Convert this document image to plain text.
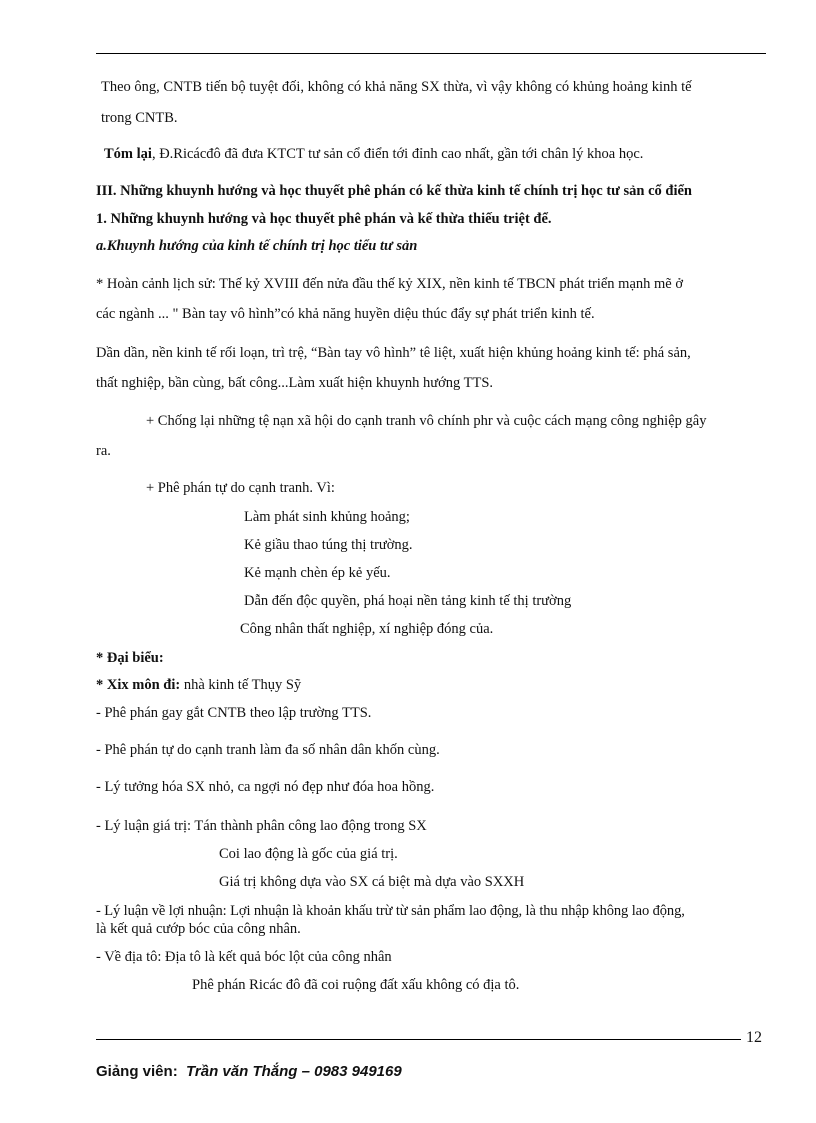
Theo ông, CNTB tiến bộ tuyệt đối, không có khả năng SX thừa, vì vậy không có khủng hoảng kinh tế
trong CNTB.
Tóm lại, Đ.Ricácđô đã đưa KTCT tư sản cổ điển tới đỉnh cao nhất, gần tới chân lý khoa học.
III. Những khuynh hướng và học thuyết phê phán có kế thừa kinh tế chính trị học tư sản cổ điển
1. Những khuynh hướng và học thuyết phê phán và kế thừa thiếu triệt để.
a.Khuynh hướng của kinh tế chính trị học tiểu tư sản
* Hoàn cảnh lịch sử: Thế kỷ XVIII đến nửa đầu thế kỷ XIX, nền kinh tế TBCN phát triển mạnh mẽ ở
các ngành ... " Bàn tay vô hình”có khả năng huyền diệu thúc đẩy sự phát triển kinh tế.
Dần dần, nền kinh tế rối loạn, trì trệ, “Bàn tay vô hình” tê liệt, xuất hiện khủng hoảng kinh tế: phá sản,
thất nghiệp, bần cùng, bất công...Làm xuất hiện khuynh hướng TTS.
+ Chống lại những tệ nạn xã hội do cạnh tranh vô chính phr và cuộc cách mạng công nghiệp gây
ra.
+ Phê phán tự do cạnh tranh. Vì:
Làm phát sinh khủng hoảng;
Kẻ giầu thao túng thị trường.
Kẻ mạnh chèn ép kẻ yếu.
Dẫn đến độc quyền, phá hoại nền tảng kinh tế thị trường
Công nhân thất nghiệp, xí nghiệp đóng của.
* Đại biểu:
* Xix môn đi: nhà kinh tế Thụy Sỹ
- Phê phán gay gắt CNTB theo lập trường TTS.
- Phê phán tự do cạnh tranh làm đa số nhân dân khốn cùng.
- Lý tưởng hóa SX nhỏ, ca ngợi nó đẹp như đóa hoa hồng.
- Lý luận giá trị: Tán thành phân công lao động trong SX
Coi lao động là gốc của giá trị.
Giá trị không dựa vào SX cá biệt mà dựa vào SXXH
- Lý luận về lợi nhuận: Lợi nhuận là khoản khấu trừ từ sản phẩm lao động, là thu nhập không lao động,
là kết quả cướp bóc của công nhân.
- Về địa tô: Địa tô là kết quả bóc lột của công nhân
Phê phán Ricác đô đã coi ruộng đất xấu không có địa tô.
12
Giảng viên: Trần văn Thắng – 0983 949169
